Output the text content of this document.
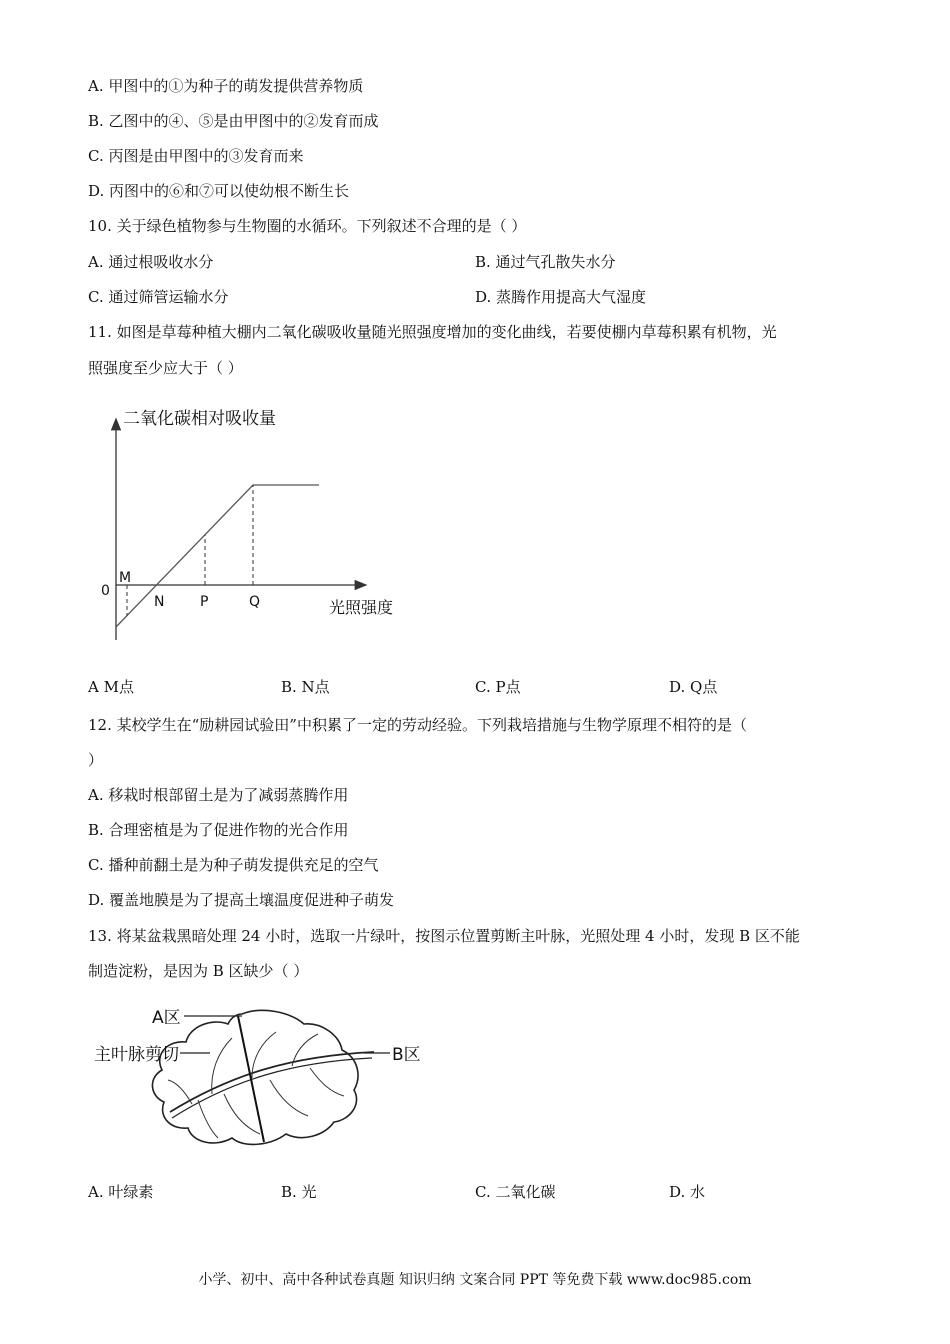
A. 甲图中的①为种子的萌发提供营养物质
B. 乙图中的④、⑤是由甲图中的②发育而成
C. 丙图是由甲图中的③发育而来
D. 丙图中的⑥和⑦可以使幼根不断生长
10. 关于绿色植物参与生物圈的水循环。下列叙述不合理的是（ ）
A. 通过根吸收水分	B. 通过气孔散失水分
C. 通过筛管运输水分	D. 蒸腾作用提高大气湿度
11. 如图是草莓种植大棚内二氧化碳吸收量随光照强度增加的变化曲线，若要使棚内草莓积累有机物，光
照强度至少应大于（ ）
二氧化碳相对吸收量
光照强度
0
M
N	P	Q
A M点	B. N点	C. P点	D. Q点
12. 某校学生在“励耕园试验田”中积累了一定的劳动经验。下列栽培措施与生物学原理不相符的是（
）
A. 移栽时根部留土是为了减弱蒸腾作用
B. 合理密植是为了促进作物的光合作用
C. 播种前翻土是为种子萌发提供充足的空气
D. 覆盖地膜是为了提高土壤温度促进种子萌发
13. 将某盆栽黑暗处理 24 小时，选取一片绿叶，按图示位置剪断主叶脉，光照处理 4 小时，发现 B 区不能
制造淀粉，是因为 B 区缺少（ ）
A区
主叶脉剪切	B区
A. 叶绿素	B. 光	C. 二氧化碳	D. 水
小学、初中、高中各种试卷真题 知识归纳 文案合同 PPT 等免费下载 www.doc985.com
